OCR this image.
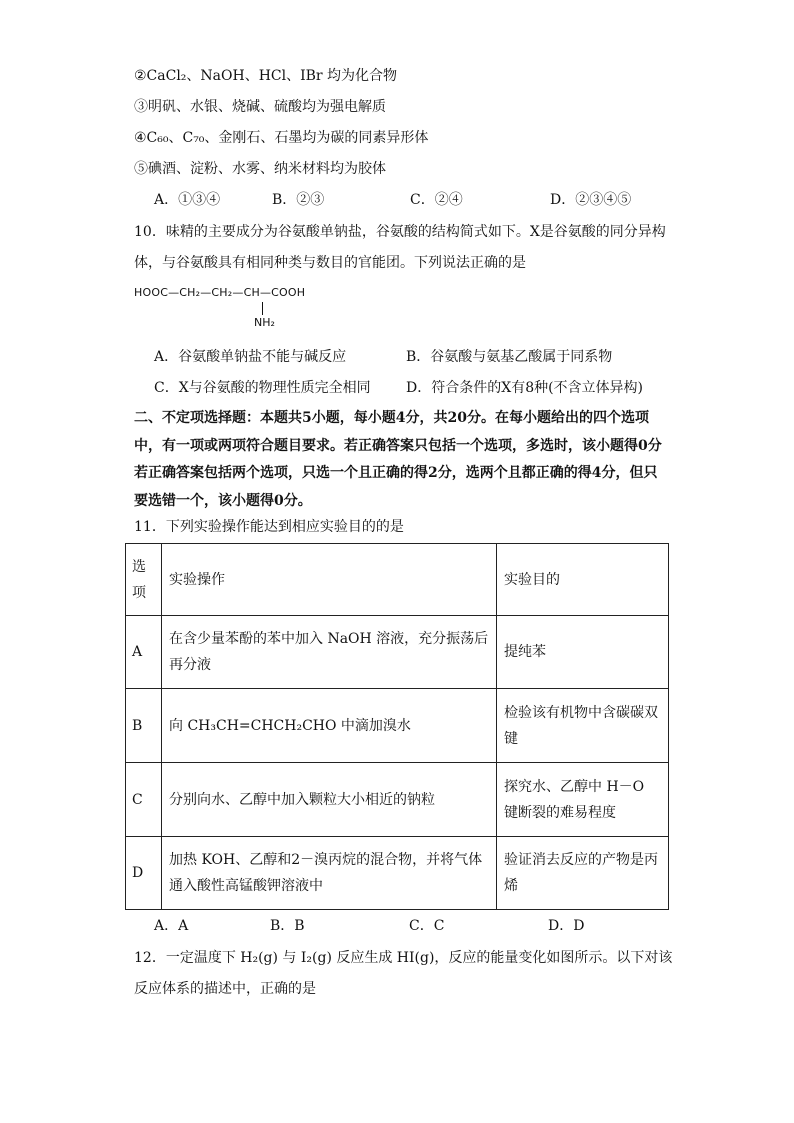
②CaCl₂、NaOH、HCl、IBr 均为化合物
③明矾、水银、烧碱、硫酸均为强电解质
④C₆₀、C₇₀、金刚石、石墨均为碳的同素异形体
⑤碘酒、淀粉、水雾、纳米材料均为胶体
A．①③④	B．②③	C．②④	D．②③④⑤
10．味精的主要成分为谷氨酸单钠盐，谷氨酸的结构简式如下。X是谷氨酸的同分异构
体，与谷氨酸具有相同种类与数目的官能团。下列说法正确的是
HOOC—CH₂—CH₂—CH—COOH
NH₂
A．谷氨酸单钠盐不能与碱反应	B．谷氨酸与氨基乙酸属于同系物
C．X与谷氨酸的物理性质完全相同	D．符合条件的X有8种(不含立体异构)
二、不定项选择题：本题共5小题，每小题4分，共20分。在每小题给出的四个选项
中，有一项或两项符合题目要求。若正确答案只包括一个选项，多选时，该小题得0分
若正确答案包括两个选项，只选一个且正确的得2分，选两个且都正确的得4分，但只
要选错一个，该小题得0分。
11．下列实验操作能达到相应实验目的的是
选项	实验操作	实验目的
A	在含少量苯酚的苯中加入 NaOH 溶液，充分振荡后再分液	提纯苯
B	向 CH₃CH=CHCH₂CHO 中滴加溴水	检验该有机物中含碳碳双键
C	分别向水、乙醇中加入颗粒大小相近的钠粒	探究水、乙醇中 H－O 键断裂的难易程度
D	加热 KOH、乙醇和2－溴丙烷的混合物，并将气体通入酸性高锰酸钾溶液中	验证消去反应的产物是丙烯
A．A	B．B	C．C	D．D
12．一定温度下 H₂(g) 与 I₂(g) 反应生成 HI(g)，反应的能量变化如图所示。以下对该
反应体系的描述中，正确的是
